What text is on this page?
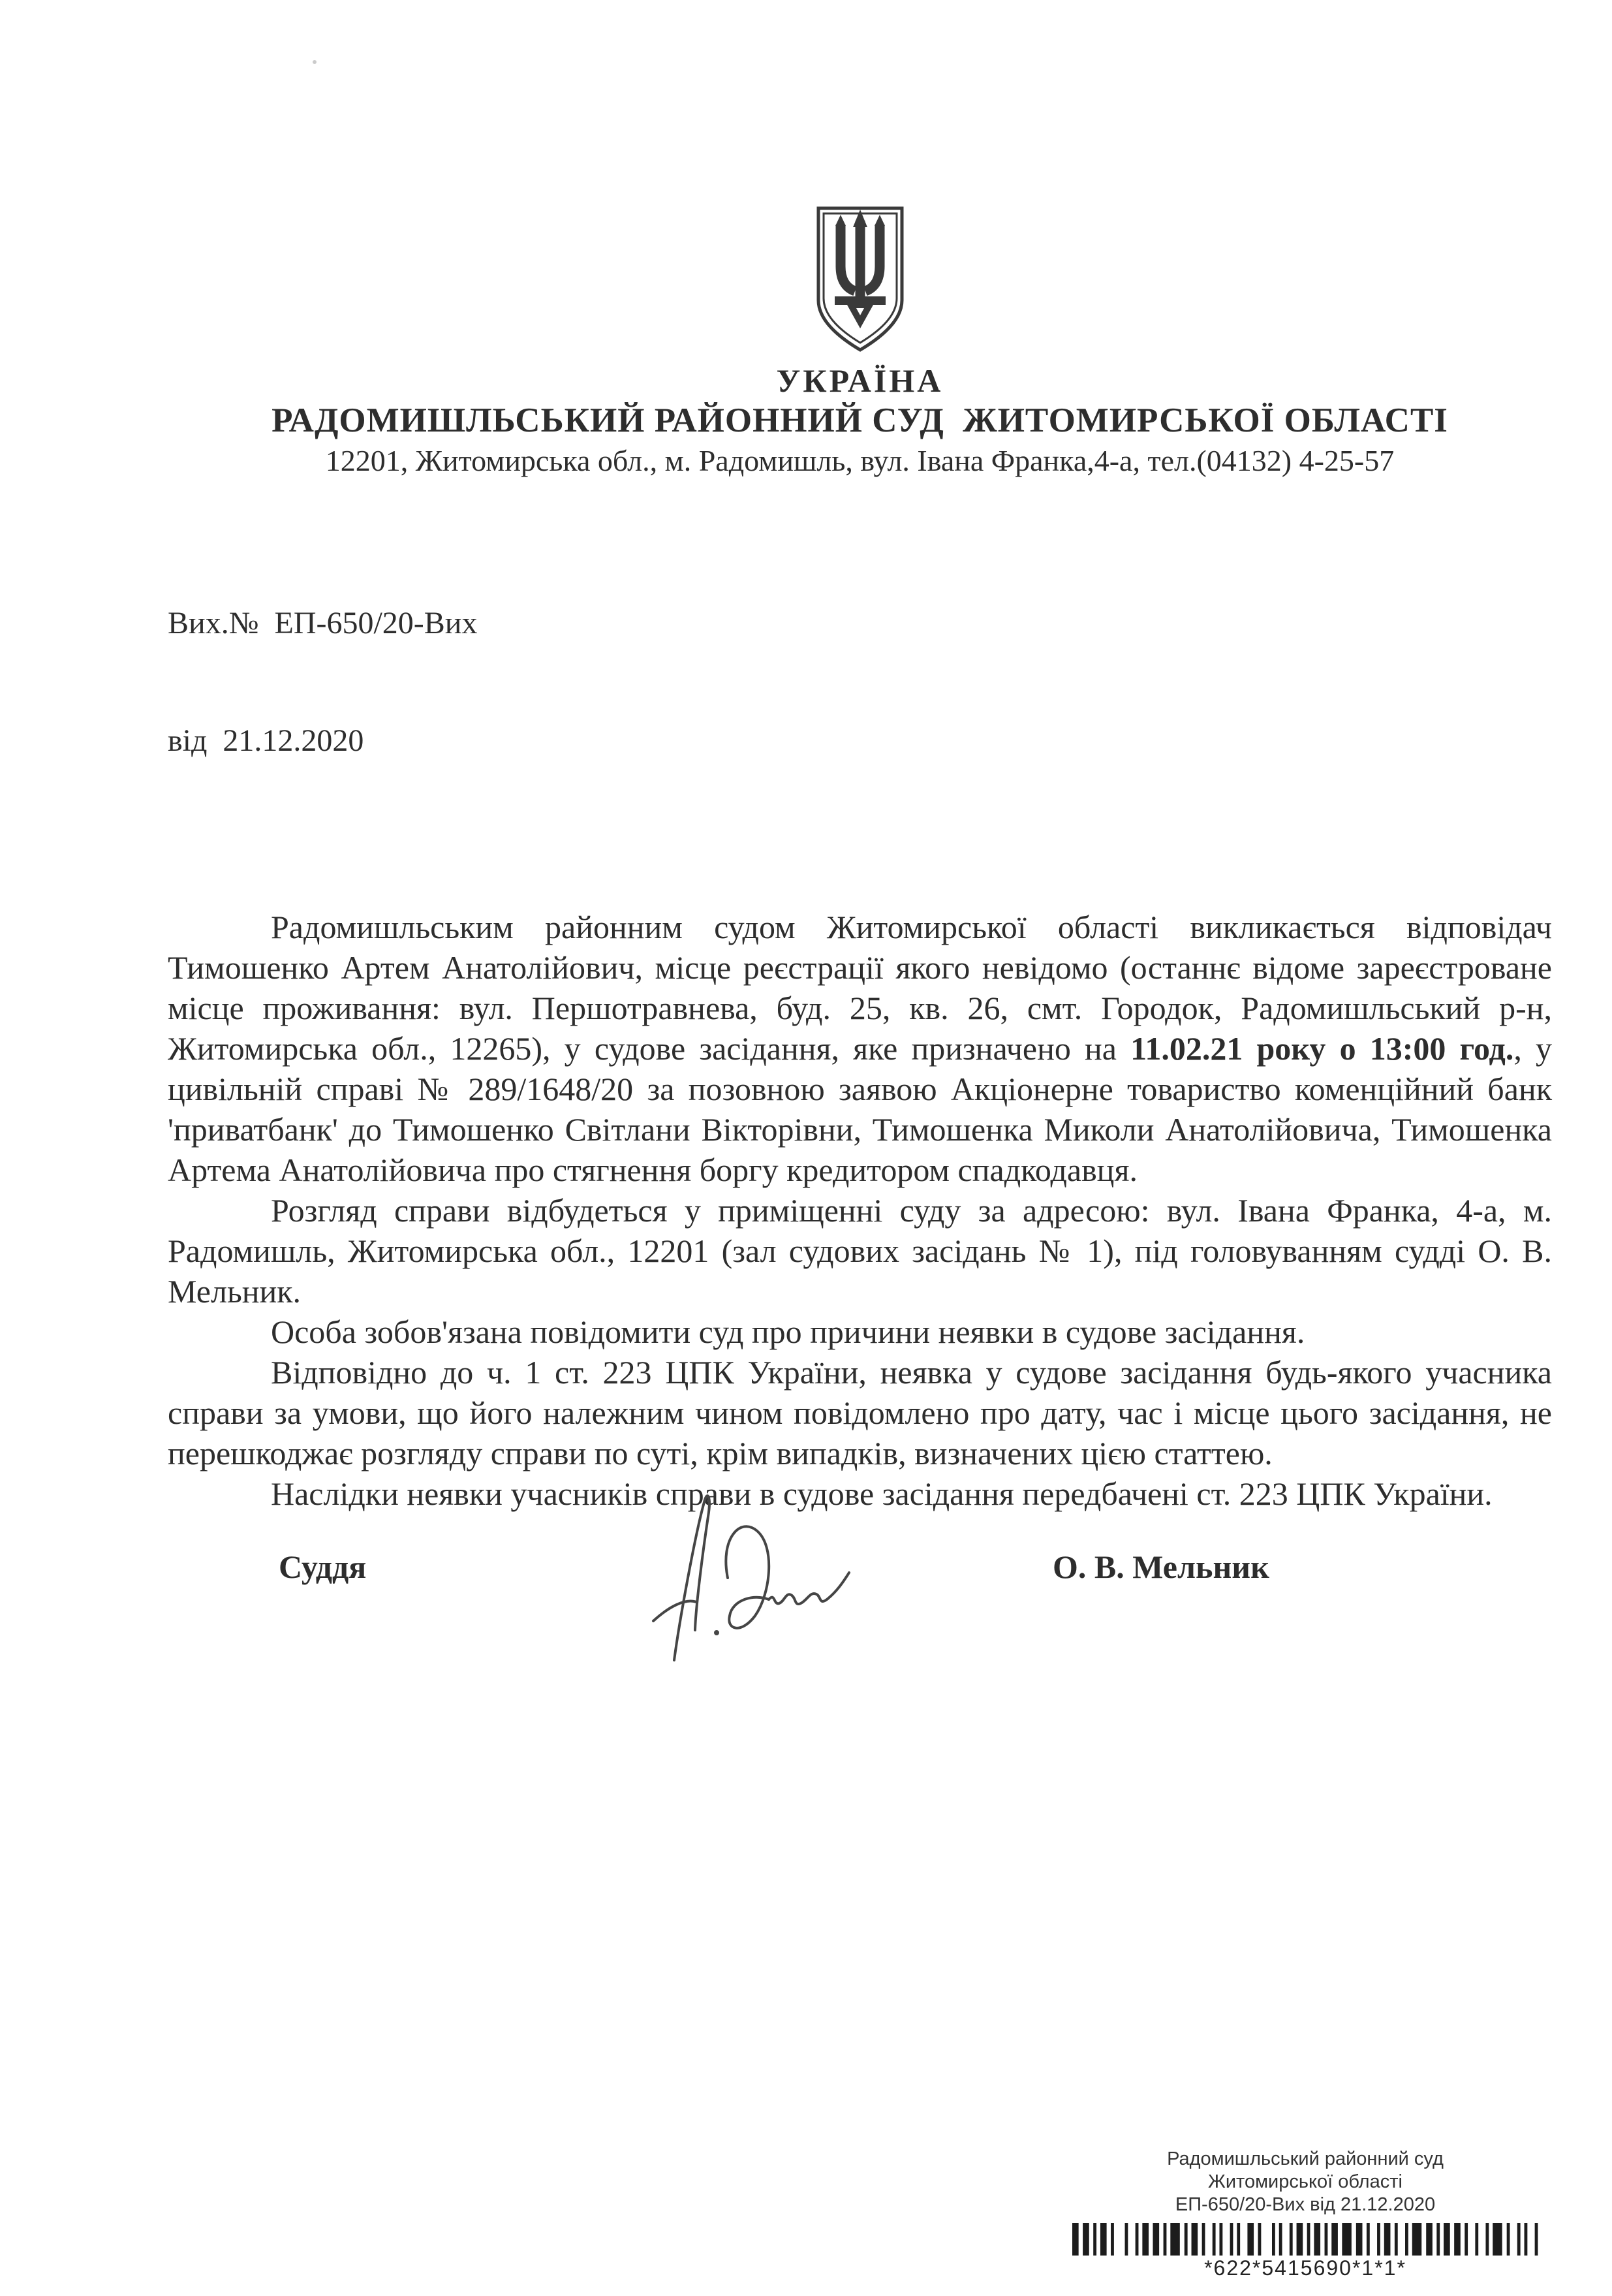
УКРАЇНА
РАДОМИШЛЬСЬКИЙ РАЙОННИЙ СУД  ЖИТОМИРСЬКОЇ ОБЛАСТІ
12201, Житомирська обл., м. Радомишль, вул. Івана Франка,4-а, тел.(04132) 4-25-57

Вих.№  ЕП-650/20-Вих

від  21.12.2020

Радомишльським районним судом Житомирської області викликається відповідач Тимошенко Артем Анатолійович, місце реєстрації якого невідомо (останнє відоме зареєстроване місце проживання: вул. Першотравнева, буд. 25, кв. 26, смт. Городок, Радомишльський р-н, Житомирська обл., 12265), у судове засідання, яке призначено на 11.02.21 року о 13:00 год., у цивільній справі № 289/1648/20 за позовною заявою Акціонерне товариство коменційний банк 'приватбанк' до Тимошенко Світлани Вікторівни, Тимошенка Миколи Анатолійовича, Тимошенка Артема Анатолійовича про стягнення боргу кредитором спадкодавця.

Розгляд справи відбудеться у приміщенні суду за адресою: вул. Івана Франка, 4-а, м. Радомишль, Житомирська обл., 12201 (зал судових засідань № 1), під головуванням судді О. В. Мельник.

Особа зобов'язана повідомити суд про причини неявки в судове засідання.

Відповідно до ч. 1 ст. 223 ЦПК України, неявка у судове засідання будь-якого учасника справи за умови, що його належним чином повідомлено про дату, час і місце цього засідання, не перешкоджає розгляду справи по суті, крім випадків, визначених цією статтею.

Наслідки неявки учасників справи в судове засідання передбачені ст. 223 ЦПК України.

Суддя	О. В. Мельник
Радомишльський районний суд
Житомирської області
ЕП-650/20-Вих від 21.12.2020
*622*5415690*1*1*
